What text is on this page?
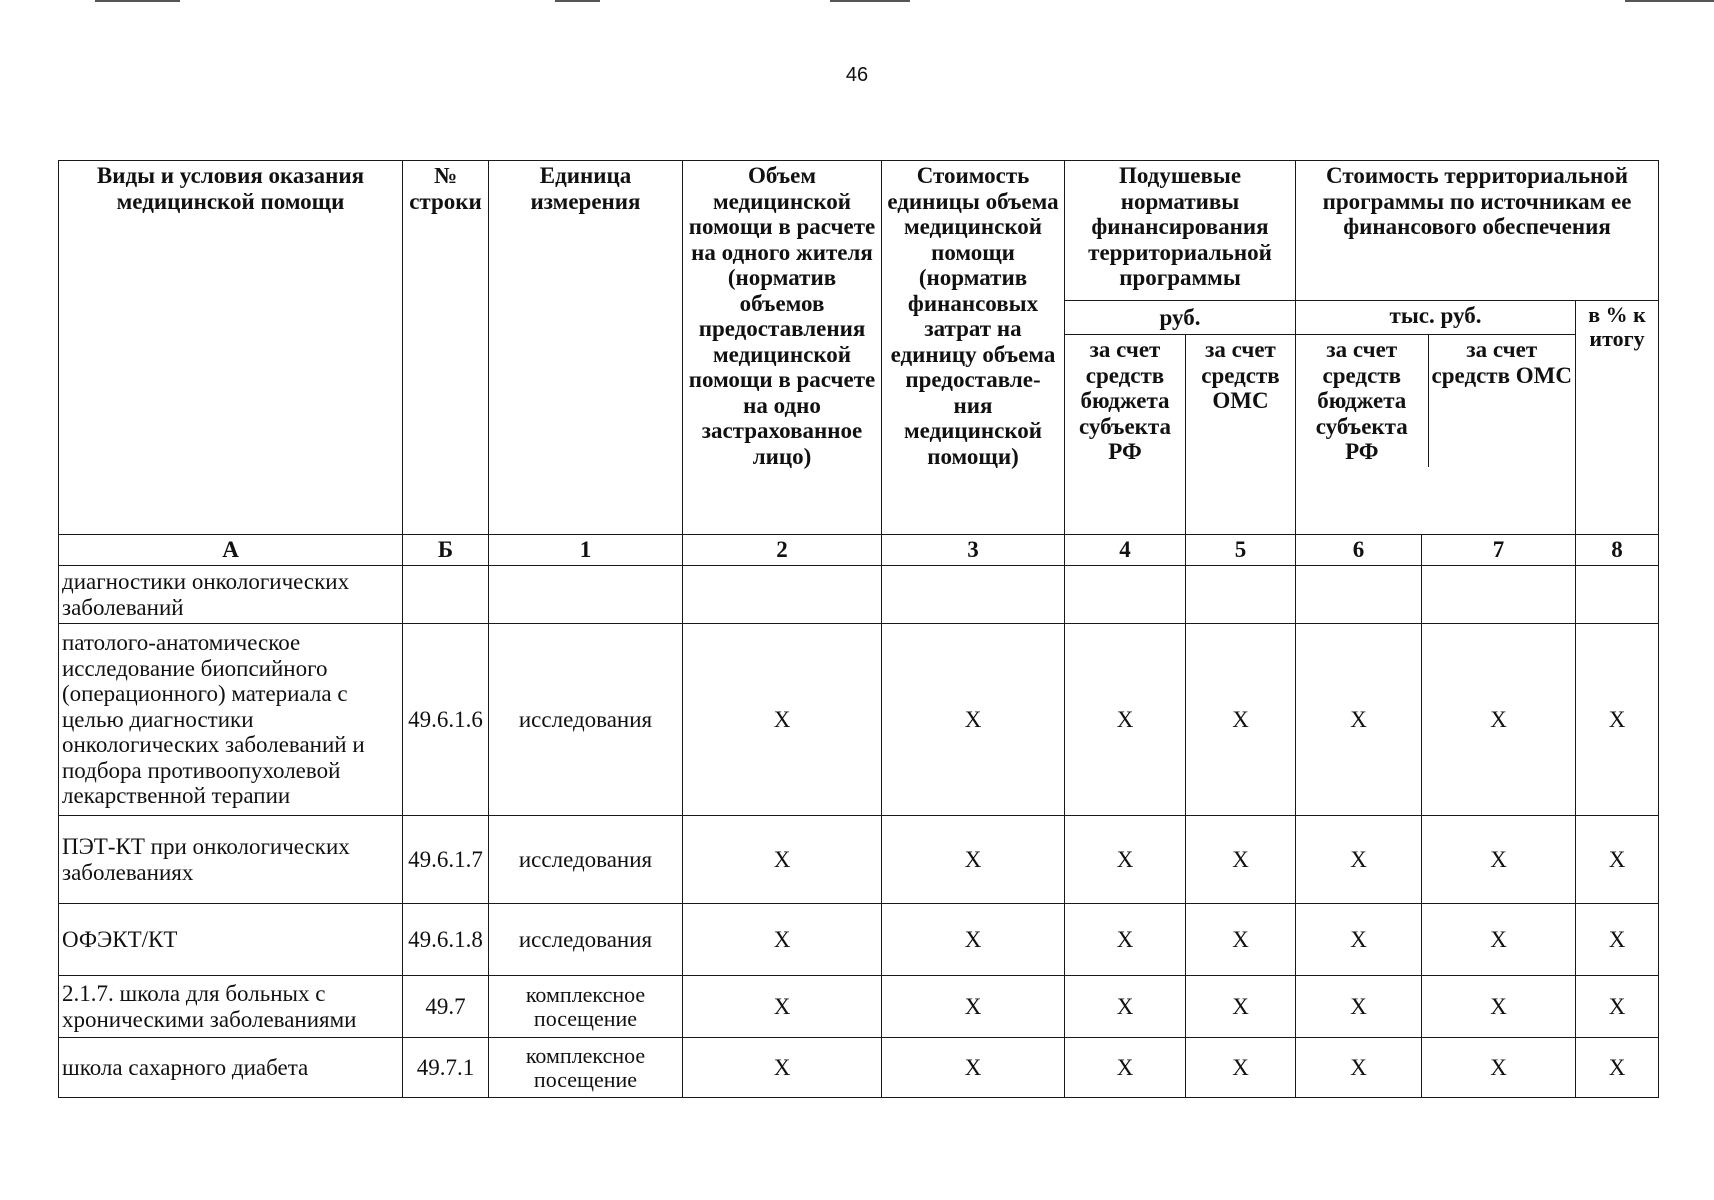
46
Виды и условия оказания медицинской помощи	№ строки	Единица измерения	Объем медицинской помощи в расчете на одного жителя (норматив объемов предоставления медицинской помощи в расчете на одно застрахованное лицо)	Стоимость единицы объема медицинской помощи (норматив финансовых затрат на единицу объема предоставле- ния медицинской помощи)	Подушевые нормативы финансирования территориальной программы	Стоимость территориальной программы по источникам ее финансового обеспечения
руб.	тыс. руб.	в % к итогу

за счет средств бюджета субъекта РФ	за счет средств ОМС

за счет средств бюджета субъекта РФ	за счет средств ОМС
А	Б	1	2	3	4	5	6	7	8
диагностики онкологических заболеваний									
патолого-анатомическое исследование биопсийного (операционного) материала с целью диагностики онкологических заболеваний и подбора противоопухолевой лекарственной терапии	49.6.1.6	исследования	X	X	X	X	X	X	X
ПЭТ-КТ при онкологических заболеваниях	49.6.1.7	исследования	X	X	X	X	X	X	X
ОФЭКТ/КТ	49.6.1.8	исследования	X	X	X	X	X	X	X
2.1.7. школа для больных с хроническими заболеваниями	49.7	комплексное посещение	X	X	X	X	X	X	X
школа сахарного диабета	49.7.1	комплексное посещение	X	X	X	X	X	X	X
